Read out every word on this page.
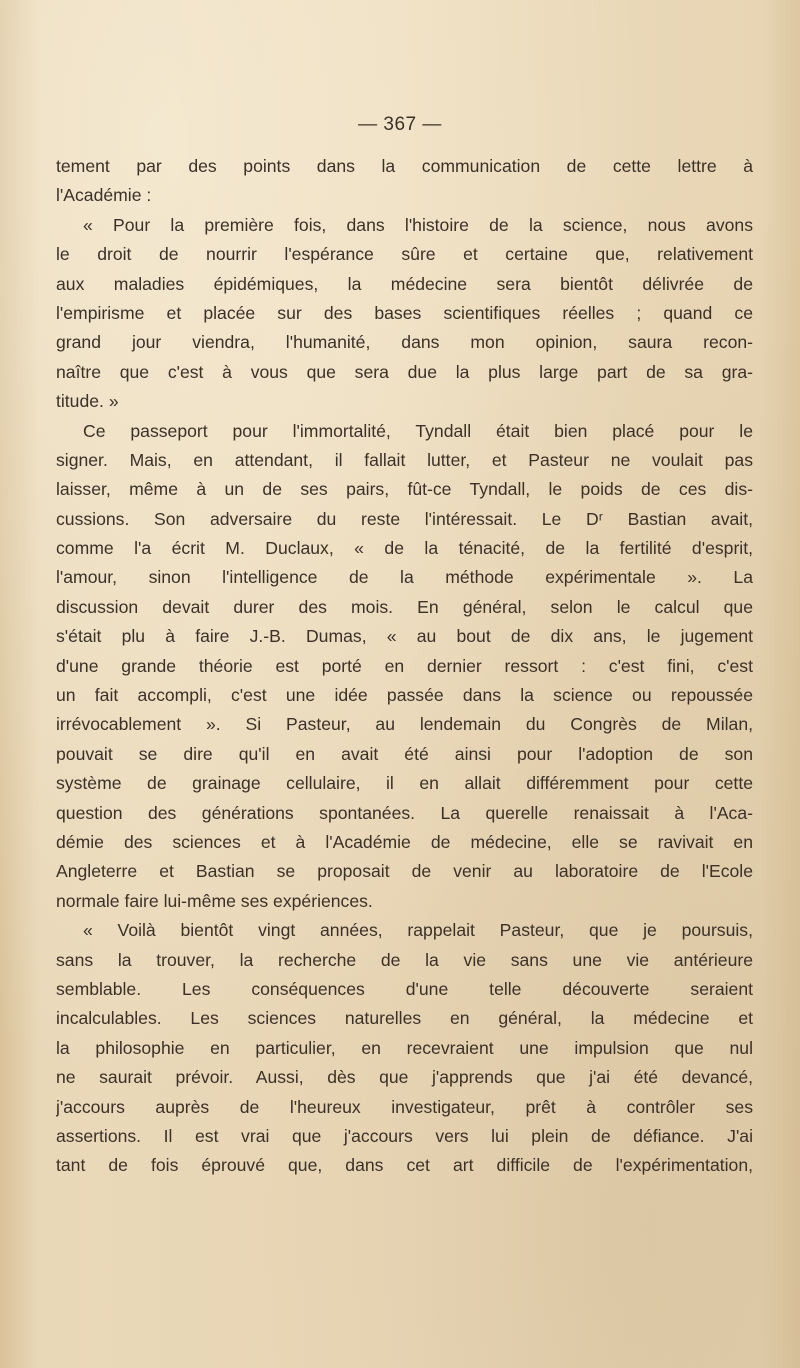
— 367 —
tement par des points dans la communication de cette lettre à
l'Académie :
« Pour la première fois, dans l'histoire de la science, nous avons
le droit de nourrir l'espérance sûre et certaine que, relativement
aux maladies épidémiques, la médecine sera bientôt délivrée de
l'empirisme et placée sur des bases scientifiques réelles ; quand ce
grand jour viendra, l'humanité, dans mon opinion, saura recon-
naître que c'est à vous que sera due la plus large part de sa gra-
titude. »
Ce passeport pour l'immortalité, Tyndall était bien placé pour le
signer. Mais, en attendant, il fallait lutter, et Pasteur ne voulait pas
laisser, même à un de ses pairs, fût-ce Tyndall, le poids de ces dis-
cussions. Son adversaire du reste l'intéressait. Le Dʳ Bastian avait,
comme l'a écrit M. Duclaux, « de la ténacité, de la fertilité d'esprit,
l'amour, sinon l'intelligence de la méthode expérimentale ». La
discussion devait durer des mois. En général, selon le calcul que
s'était plu à faire J.-B. Dumas, « au bout de dix ans, le jugement
d'une grande théorie est porté en dernier ressort : c'est fini, c'est
un fait accompli, c'est une idée passée dans la science ou repoussée
irrévocablement ». Si Pasteur, au lendemain du Congrès de Milan,
pouvait se dire qu'il en avait été ainsi pour l'adoption de son
système de grainage cellulaire, il en allait différemment pour cette
question des générations spontanées. La querelle renaissait à l'Aca-
démie des sciences et à l'Académie de médecine, elle se ravivait en
Angleterre et Bastian se proposait de venir au laboratoire de l'Ecole
normale faire lui-même ses expériences.
« Voilà bientôt vingt années, rappelait Pasteur, que je poursuis,
sans la trouver, la recherche de la vie sans une vie antérieure
semblable. Les conséquences d'une telle découverte seraient
incalculables. Les sciences naturelles en général, la médecine et
la philosophie en particulier, en recevraient une impulsion que nul
ne saurait prévoir. Aussi, dès que j'apprends que j'ai été devancé,
j'accours auprès de l'heureux investigateur, prêt à contrôler ses
assertions. Il est vrai que j'accours vers lui plein de défiance. J'ai
tant de fois éprouvé que, dans cet art difficile de l'expérimentation,
